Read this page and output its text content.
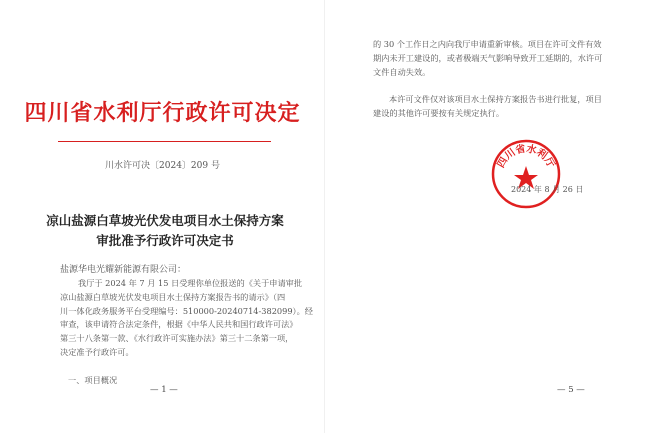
四川省水利厅行政许可决定
川水许可决〔2024〕209 号
凉山盐源白草坡光伏发电项目水土保持方案
审批准予行政许可决定书
盐源华电光耀新能源有限公司：
我厅于 2024 年 7 月 15 日受理你单位报送的《关于申请审批
凉山盐源白草坡光伏发电项目水土保持方案报告书的请示》（四
川一体化政务服务平台受理编号：510000-20240714-382099）。经
审查，该申请符合法定条件，根据《中华人民共和国行政许可法》
第三十八条第一款、《水行政许可实施办法》第三十二条第一项，
决定准予行政许可。
一、项目概况
— 1 —
的 30 个工作日之内向我厅申请重新审核。项目在许可文件有效
期内未开工建设的，或者极端天气影响导致开工延期的，水许可
文件自动失效。
本许可文件仅对该项目水土保持方案报告书进行批复，项目
建设的其他许可要按有关规定执行。
四川省水利厅
2024 年 8 月 26 日
— 5 —
